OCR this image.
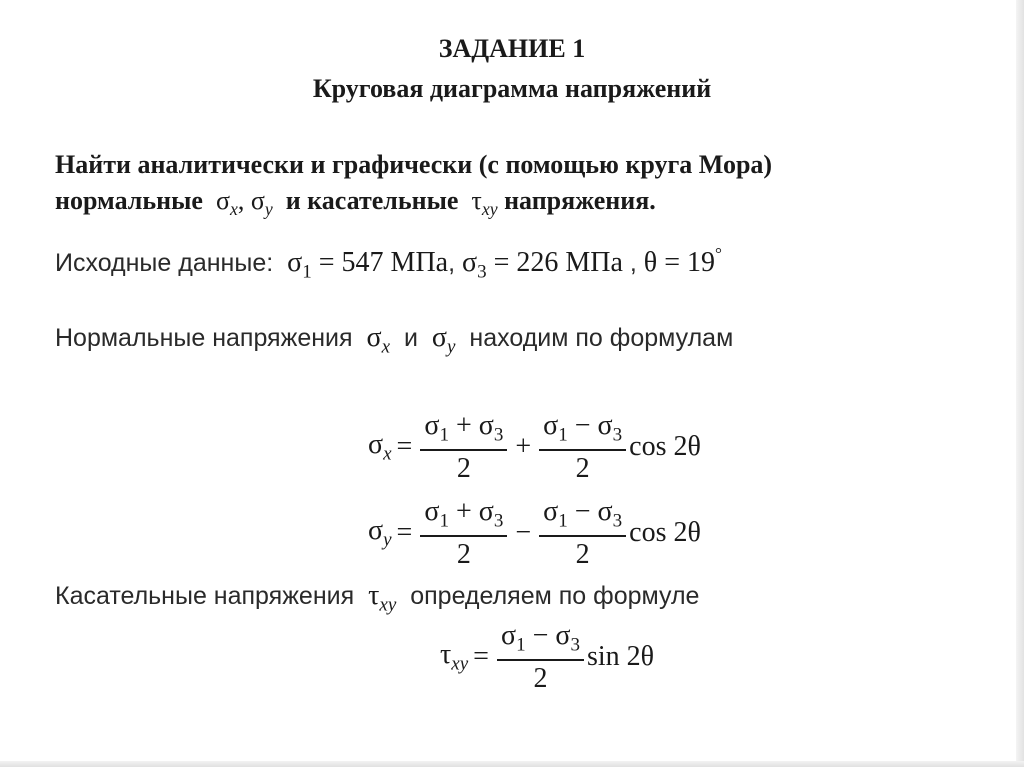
ЗАДАНИЕ 1
Круговая диаграмма напряжений
Найти аналитически и графически (с помощью круга Мора)
нормальные  $\sigma_x$, $\sigma_y$ и касательные  $\tau_{xy}$ напряжения.
Исходные данные:  $\sigma_1 = 547$ МПа, $\sigma_3 = 226$ МПа , θ = 19°
Нормальные напряжения  $\sigma_x$ и  $\sigma_y$ находим по формулам
$\sigma_x = \frac{\sigma_1 + \sigma_3}{2} + \frac{\sigma_1 - \sigma_3}{2}$ cos 2θ
$\sigma_y = \frac{\sigma_1 + \sigma_3}{2} - \frac{\sigma_1 - \sigma_3}{2}$ cos 2θ
Касательные напряжения  $\tau_{xy}$ определяем по формуле
$\tau_{xy} = \frac{\sigma_1 - \sigma_3}{2}$ sin 2θ
